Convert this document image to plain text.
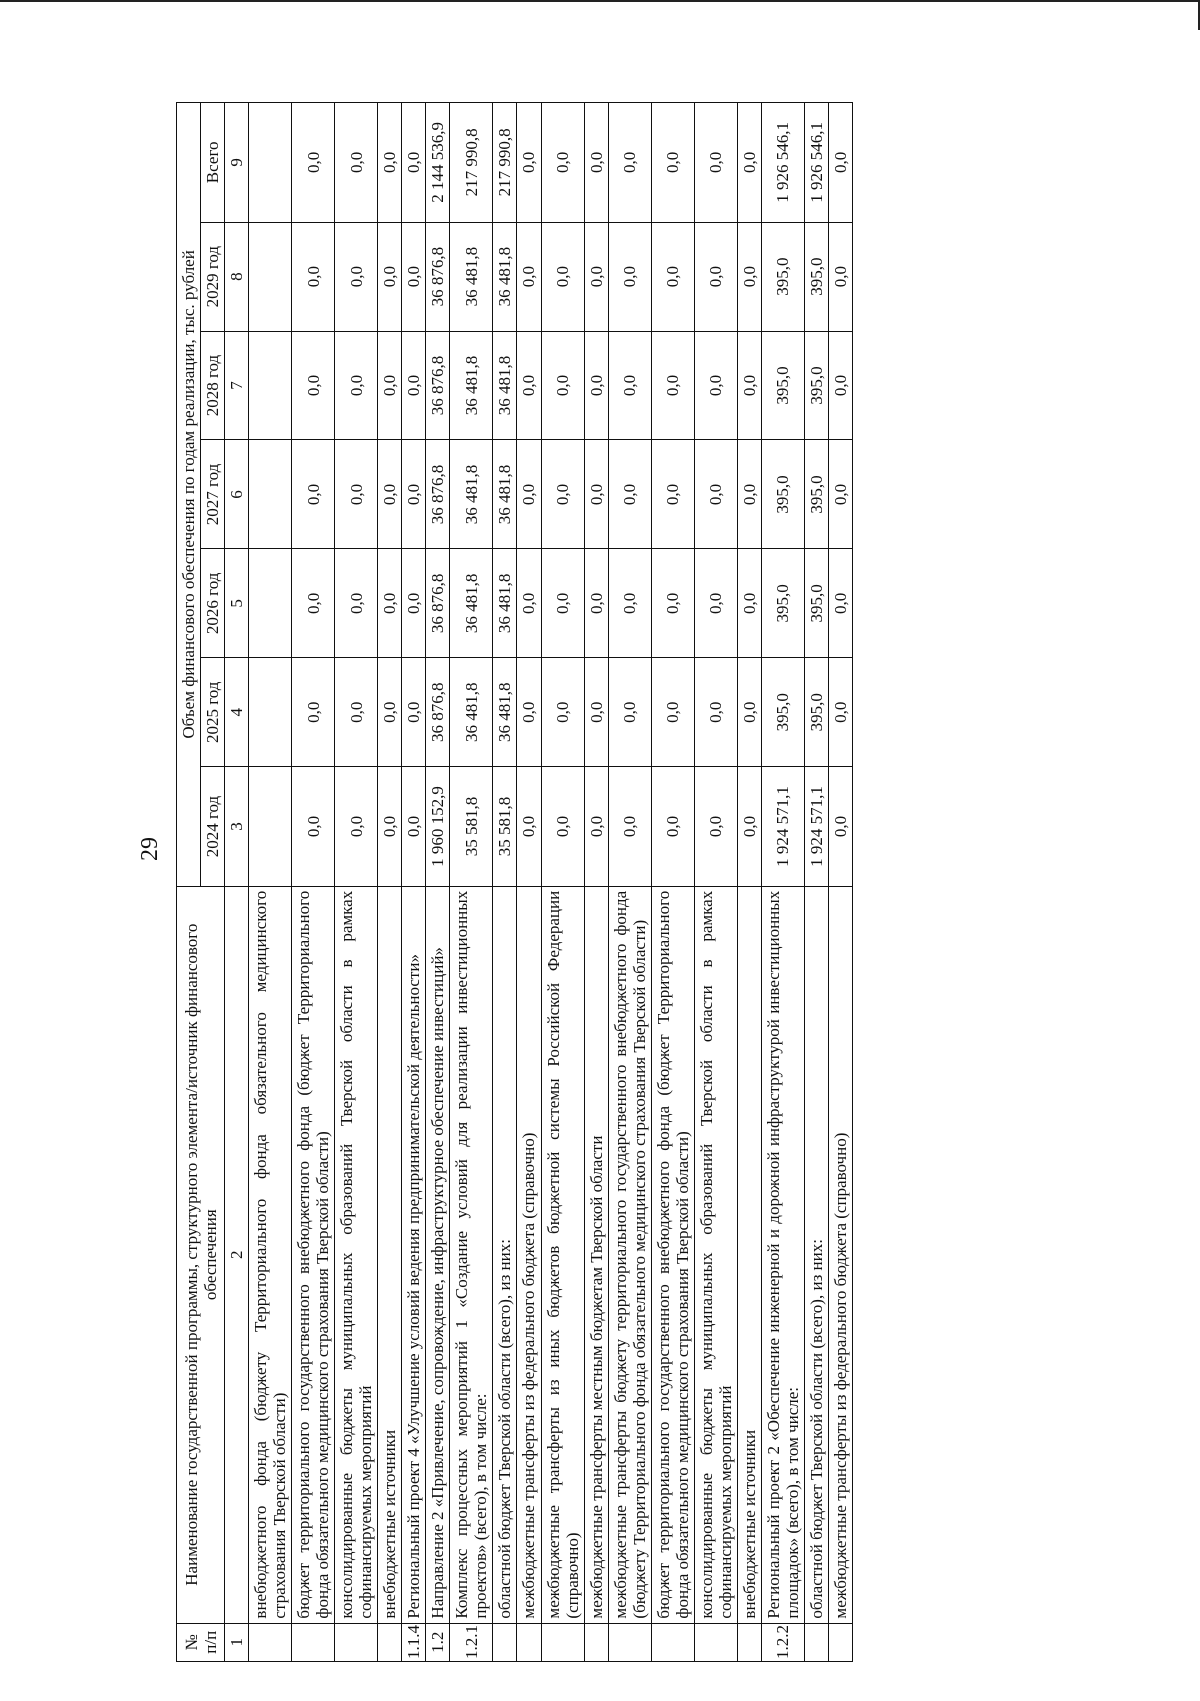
29
№ п/п	Наименование государственной программы, структурного элемента/источник финансового обеспечения	Объем финансового обеспечения по годам реализации, тыс. рублей						
		2024 год	2025 год	2026 год	2027 год	2028 год	2029 год	Всего
1	2	3	4	5	6	7	8	9
	внебюджетного фонда (бюджету Территориального фонда обязательного медицинского страхования Тверской области)							
	бюджет территориального государственного внебюджетного фонда (бюджет Территориального фонда обязательного медицинского страхования Тверской области)	0,0	0,0	0,0	0,0	0,0	0,0	0,0
	консолидированные бюджеты муниципальных образований Тверской области в рамках софинансируемых мероприятий	0,0	0,0	0,0	0,0	0,0	0,0	0,0
	внебюджетные источники	0,0	0,0	0,0	0,0	0,0	0,0	0,0
1.1.4	Региональный проект 4 «Улучшение условий ведения предпринимательской деятельности»	0,0	0,0	0,0	0,0	0,0	0,0	0,0
1.2	Направление 2 «Привлечение, сопровождение, инфраструктурное обеспечение инвестиций»	1 960 152,9	36 876,8	36 876,8	36 876,8	36 876,8	36 876,8	2 144 536,9
1.2.1	Комплекс процессных мероприятий 1 «Создание условий для реализации инвестиционных проектов» (всего), в том числе:	35 581,8	36 481,8	36 481,8	36 481,8	36 481,8	36 481,8	217 990,8
	областной бюджет Тверской области (всего), из них:	35 581,8	36 481,8	36 481,8	36 481,8	36 481,8	36 481,8	217 990,8
	межбюджетные трансферты из федерального бюджета (справочно)	0,0	0,0	0,0	0,0	0,0	0,0	0,0
	межбюджетные трансферты из иных бюджетов бюджетной системы Российской Федерации (справочно)	0,0	0,0	0,0	0,0	0,0	0,0	0,0
	межбюджетные трансферты местным бюджетам Тверской области	0,0	0,0	0,0	0,0	0,0	0,0	0,0
	межбюджетные трансферты бюджету территориального государственного внебюджетного фонда (бюджету Территориального фонда обязательного медицинского страхования Тверской области)	0,0	0,0	0,0	0,0	0,0	0,0	0,0
	бюджет территориального государственного внебюджетного фонда (бюджет Территориального фонда обязательного медицинского страхования Тверской области)	0,0	0,0	0,0	0,0	0,0	0,0	0,0
	консолидированные бюджеты муниципальных образований Тверской области в рамках софинансируемых мероприятий	0,0	0,0	0,0	0,0	0,0	0,0	0,0
	внебюджетные источники	0,0	0,0	0,0	0,0	0,0	0,0	0,0
1.2.2	Региональный проект 2 «Обеспечение инженерной и дорожной инфраструктурой инвестиционных площадок» (всего), в том числе:	1 924 571,1	395,0	395,0	395,0	395,0	395,0	1 926 546,1
	областной бюджет Тверской области (всего), из них:	1 924 571,1	395,0	395,0	395,0	395,0	395,0	1 926 546,1
	межбюджетные трансферты из федерального бюджета (справочно)	0,0	0,0	0,0	0,0	0,0	0,0	0,0
